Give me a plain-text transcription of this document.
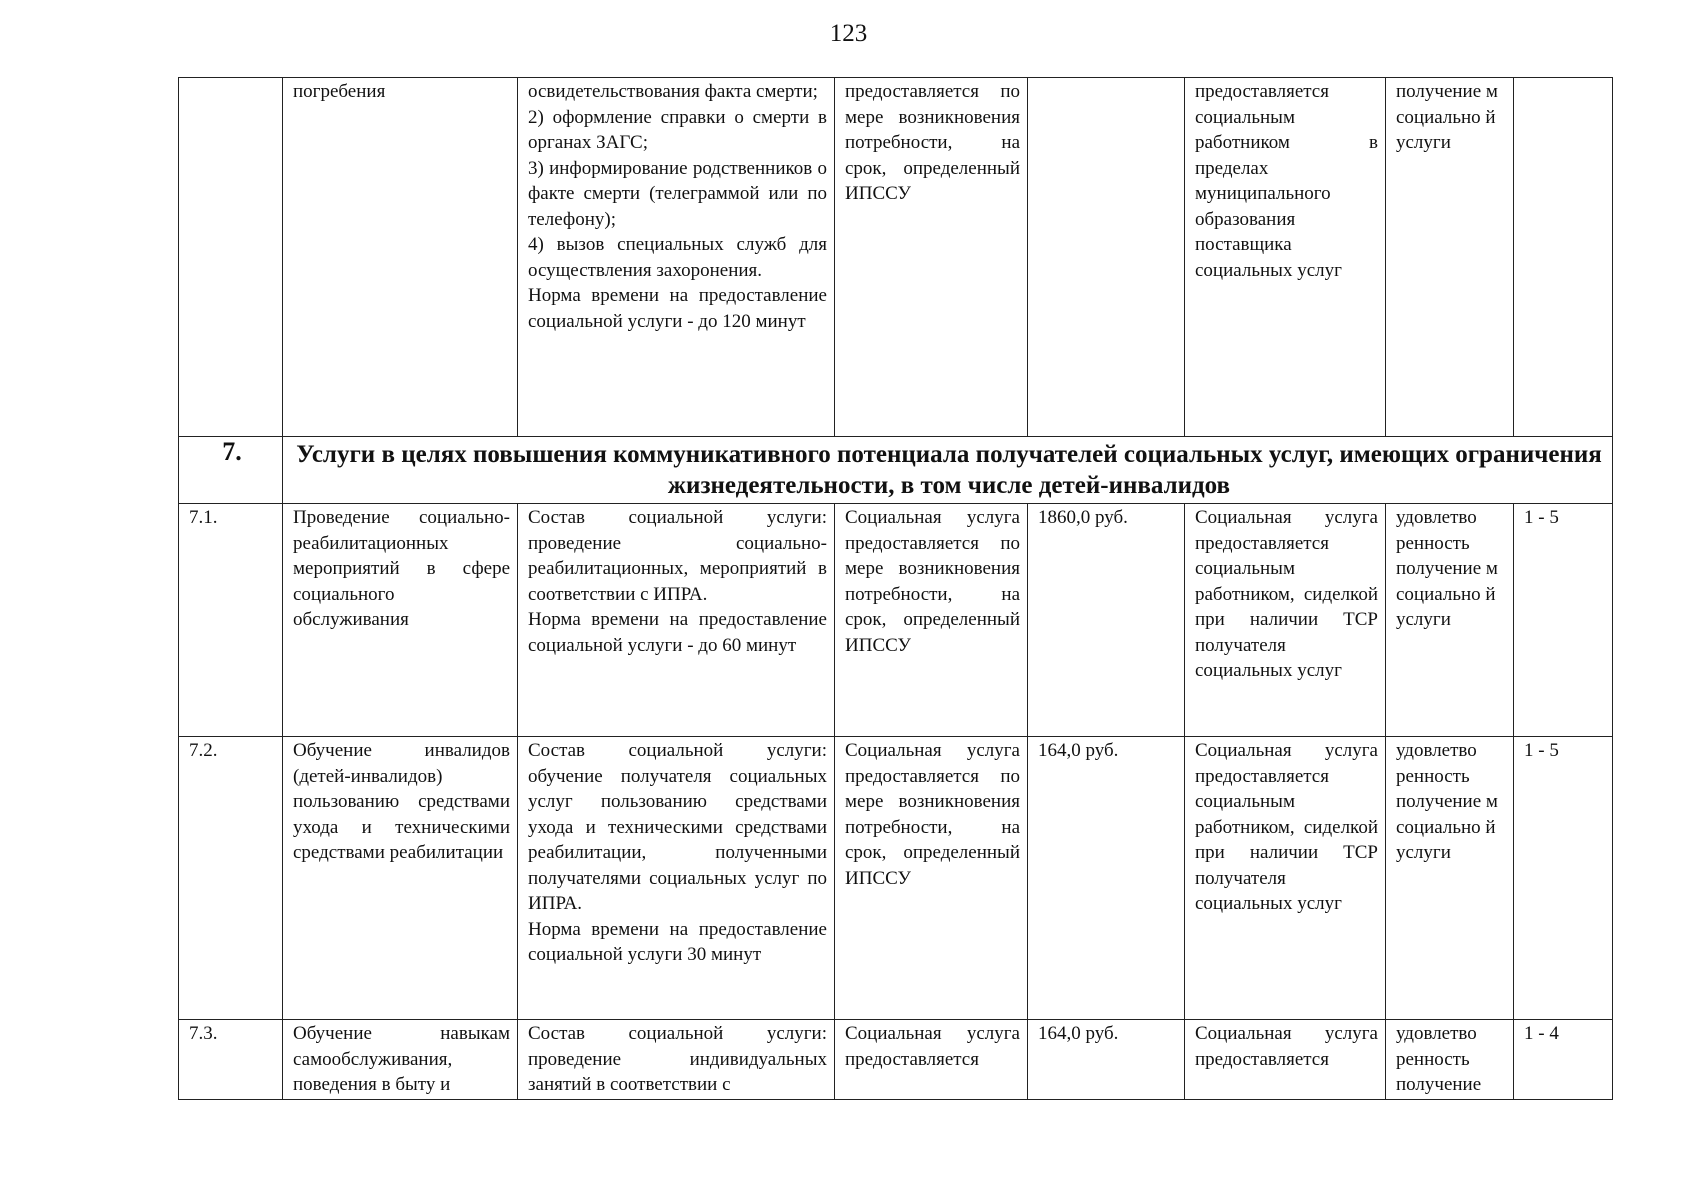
123
	погребения	освидетельствования факта смерти;
2) оформление справки о смерти в органах ЗАГС;
3) информирование родственников о факте смерти (телеграммой или по телефону);
4) вызов специальных служб для осуществления захоронения.
Норма времени на предоставление социальной услуги - до 120 минут	предоставляется по мере возникновения потребности, на срок, определенный ИПССУ		предоставляется социальным работником в пределах муниципального образования поставщика социальных услуг	получение м социально й услуги	
7.	Услуги в целях повышения коммуникативного потенциала получателей социальных услуг, имеющих ограничения жизнедеятельности, в том числе детей-инвалидов						
7.1.	Проведение социально-реабилитационных мероприятий в сфере социального обслуживания	Состав социальной услуги: проведение социально-реабилитационных, мероприятий в соответствии с ИПРА.
Норма времени на предоставление социальной услуги - до 60 минут	Социальная услуга предоставляется по мере возникновения потребности, на срок, определенный ИПССУ	1860,0 руб.	Социальная услуга предоставляется социальным работником, сиделкой при наличии ТСР получателя социальных услуг	удовлетво ренность получение м социально й услуги	1 - 5
7.2.	Обучение инвалидов (детей-инвалидов) пользованию средствами ухода и техническими средствами реабилитации	Состав социальной услуги: обучение получателя социальных услуг пользованию средствами ухода и техническими средствами реабилитации, полученными получателями социальных услуг по ИПРА.
Норма времени на предоставление социальной услуги 30 минут	Социальная услуга предоставляется по мере возникновения потребности, на срок, определенный ИПССУ	164,0 руб.	Социальная услуга предоставляется социальным работником, сиделкой при наличии ТСР получателя социальных услуг	удовлетво ренность получение м социально й услуги	1 - 5
7.3.	Обучение навыкам самообслуживания, поведения в быту и	Состав социальной услуги: проведение индивидуальных занятий в соответствии с	Социальная услуга предоставляется	164,0 руб.	Социальная услуга предоставляется	удовлетво ренность получение	1 - 4
